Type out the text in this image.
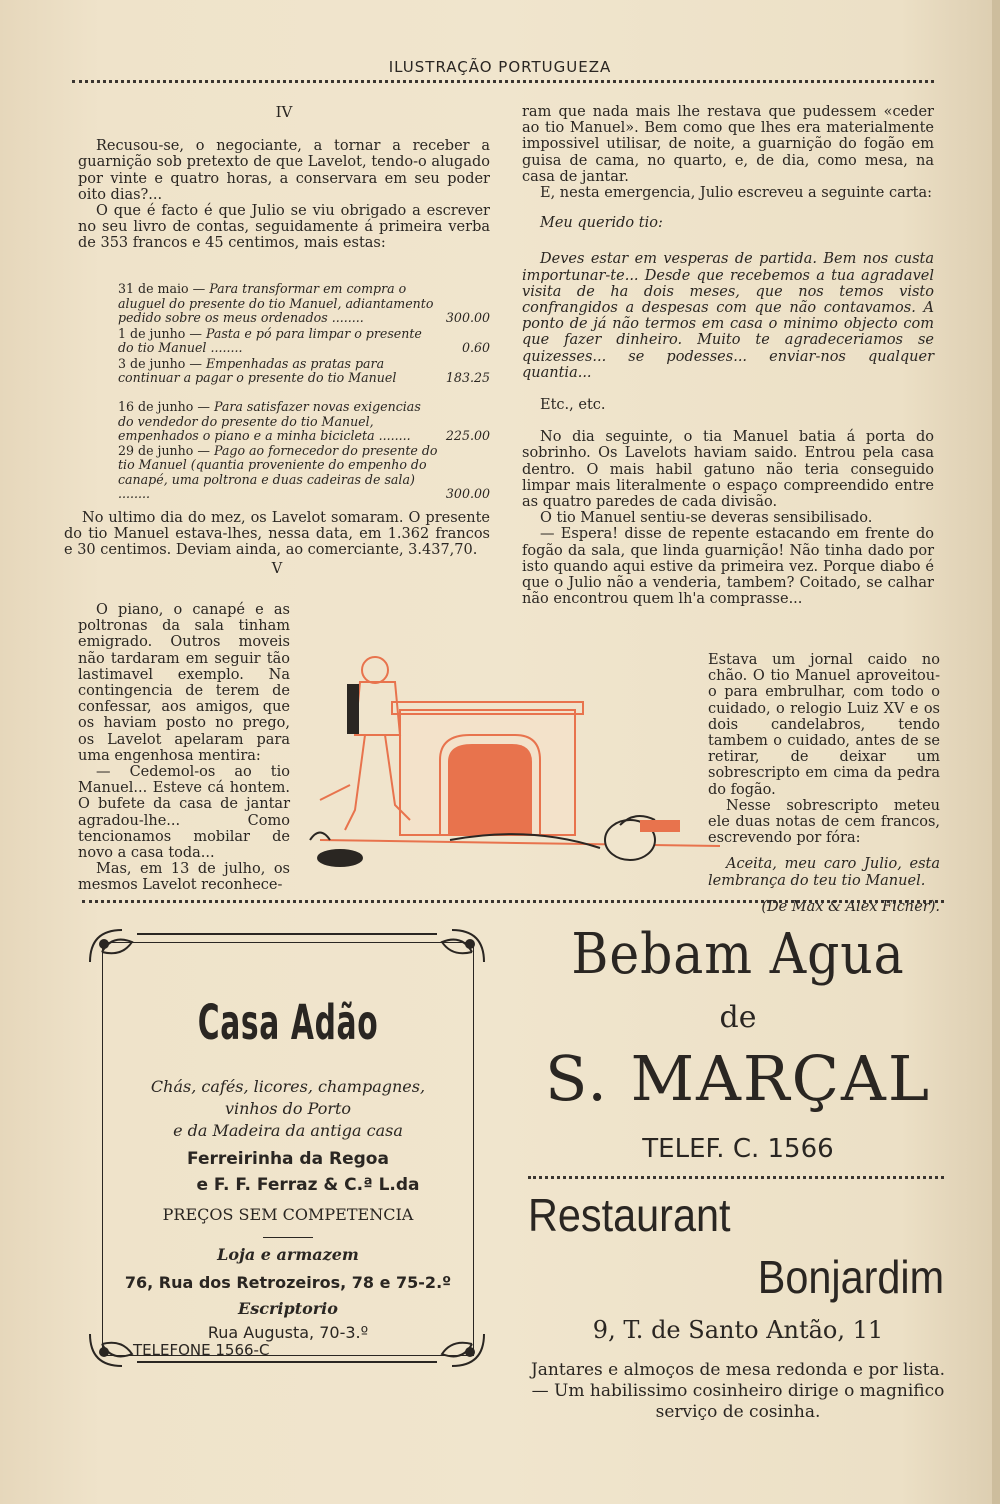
ILUSTRAÇÃO PORTUGUEZA

IV

Recusou-se, o negociante, a tornar a receber a guarnição sob pretexto de que Lavelot, tendo-o alugado por vinte e quatro horas, a conservara em seu poder oito dias?...

O que é facto é que Julio se viu obrigado a escrever no seu livro de contas, seguidamente á primeira verba de 353 francos e 45 centimos, mais estas:

31 de maio — Para transformar em compra o aluguel do presente do tio Manuel, adiantamento pedido sobre os meus ordenados ........	300.00
1 de junho — Pasta e pó para limpar o presente do tio Manuel ........	0.60
3 de junho — Empenhadas as pratas para continuar a pagar o presente do tio Manuel	183.25
16 de junho — Para satisfazer novas exigencias do vendedor do presente do tio Manuel, empenhados o piano e a minha bicicleta ........	225.00
29 de junho — Pago ao fornecedor do presente do tio Manuel (quantia proveniente do empenho do canapé, uma poltrona e duas cadeiras de sala) ........	300.00

No ultimo dia do mez, os Lavelot somaram. O presente do tio Manuel estava-lhes, nessa data, em 1.362 francos e 30 centimos. Deviam ainda, ao comerciante, 3.437,70.

V

O piano, o canapé e as poltronas da sala tinham emigrado. Outros moveis não tardaram em seguir tão lastimavel exemplo. Na contingencia de terem de confessar, aos amigos, que os haviam posto no prego, os Lavelot apelaram para uma engenhosa mentira:

— Cedemol-os ao tio Manuel... Esteve cá hontem. O bufete da casa de jantar agradou-lhe... Como tencionamos mobilar de novo a casa toda...

Mas, em 13 de julho, os mesmos Lavelot reconhece-

ram que nada mais lhe restava que pudessem «ceder ao tio Manuel». Bem como que lhes era materialmente impossivel utilisar, de noite, a guarnição do fogão em guisa de cama, no quarto, e, de dia, como mesa, na casa de jantar.

E, nesta emergencia, Julio escreveu a seguinte carta:

Meu querido tio:

Deves estar em vesperas de partida. Bem nos custa importunar-te... Desde que recebemos a tua agradavel visita de ha dois meses, que nos temos visto confrangidos a despesas com que não contavamos. A ponto de já não termos em casa o minimo objecto com que fazer dinheiro. Muito te agradeceriamos se quizesses... se podesses... enviar-nos qualquer quantia...

Etc., etc.

No dia seguinte, o tia Manuel batia á porta do sobrinho. Os Lavelots haviam saido. Entrou pela casa dentro. O mais habil gatuno não teria conseguido limpar mais literalmente o espaço compreendido entre as quatro paredes de cada divisão.

O tio Manuel sentiu-se deveras sensibilisado.

— Espera! disse de repente estacando em frente do fogão da sala, que linda guarnição! Não tinha dado por isto quando aqui estive da primeira vez. Porque diabo é que o Julio não a venderia, tambem? Coitado, se calhar não encontrou quem lh'a comprasse...

Estava um jornal caido no chão. O tio Manuel aproveitou-o para embrulhar, com todo o cuidado, o relogio Luiz XV e os dois candelabros, tendo tambem o cuidado, antes de se retirar, de deixar um sobrescripto em cima da pedra do fogão.

Nesse sobrescripto meteu ele duas notas de cem francos, escrevendo por fóra:

Aceita, meu caro Julio, esta lembrança do teu tio Manuel.

(De Max & Alex Ficher).

Casa Adão
Chás, cafés, licores, champagnes,
vinhos do Porto
e da Madeira da antiga casa
Ferreirinha da Regoa
e F. F. Ferraz & C.ª L.da
PREÇOS SEM COMPETENCIA
Loja e armazem
76, Rua dos Retrozeiros, 78 e 75-2.º
Escriptorio
Rua Augusta, 70-3.º
TELEFONE 1566-C
Bebam Agua
de
S. MARÇAL
TELEF. C. 1566
Restaurant
Bonjardim
9, T. de Santo Antão, 11
Jantares e almoços de mesa redonda e por lista. — Um habilissimo cosinheiro dirige o magnifico serviço de cosinha.
